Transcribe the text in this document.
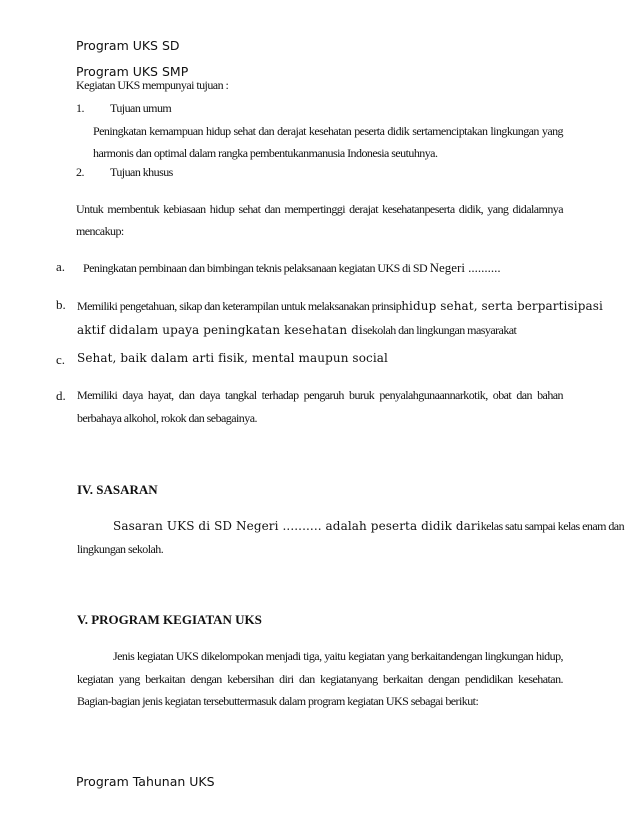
Program UKS SD
Program UKS SMP
Kegiatan UKS mempunyai tujuan :
1. Tujuan umum
Peningkatan kemampuan hidup sehat dan derajat kesehatan peserta didik sertamenciptakan lingkungan yang
harmonis dan optimal dalam rangka pembentukanmanusia Indonesia seutuhnya.
2. Tujuan khusus
Untuk membentuk kebiasaan hidup sehat dan mempertinggi derajat kesehatanpeserta didik, yang didalamnya
mencakup:
a. Peningkatan pembinaan dan bimbingan teknis pelaksanaan kegiatan UKS di SD Negeri ..........
b. Memiliki pengetahuan, sikap dan keterampilan untuk melaksanakan prinsiphidup sehat, serta berpartisipasi
aktif didalam upaya peningkatan kesehatan disekolah dan lingkungan masyarakat
c. Sehat, baik dalam arti fisik, mental maupun social
d. Memiliki daya hayat, dan daya tangkal terhadap pengaruh buruk penyalahgunaannarkotik, obat dan bahan
berbahaya alkohol, rokok dan sebagainya.
IV. SASARAN
Sasaran UKS di SD Negeri .......... adalah peserta didik darikelas satu sampai kelas enam dan
lingkungan sekolah.
V. PROGRAM KEGIATAN UKS
Jenis kegiatan UKS dikelompokan menjadi tiga, yaitu kegiatan yang berkaitandengan lingkungan hidup,
kegiatan yang berkaitan dengan kebersihan diri dan kegiatanyang berkaitan dengan pendidikan kesehatan.
Bagian-bagian jenis kegiatan tersebuttermasuk dalam program kegiatan UKS sebagai berikut:
Program Tahunan UKS
